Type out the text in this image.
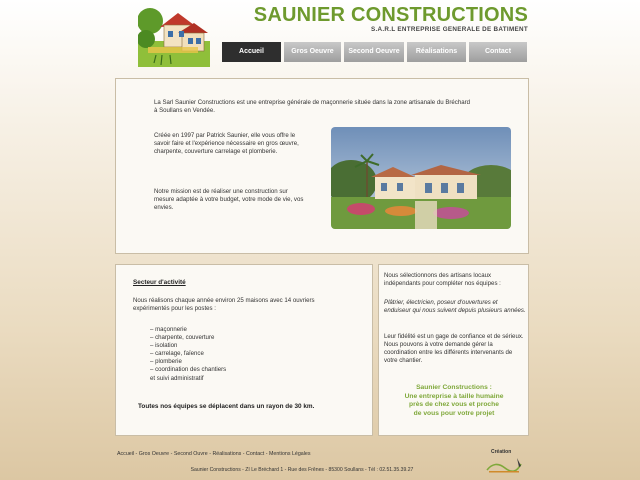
SAUNIER CONSTRUCTIONS
S.A.R.L ENTREPRISE GENERALE DE BATIMENT
Accueil	Gros Oeuvre	Second Oeuvre	Réalisations	Contact
La Sarl Saunier Constructions est une entreprise générale de maçonnerie située dans la zone artisanale du Bréchard à Soullans en Vendée.
Créée en 1997 par Patrick Saunier, elle vous offre le savoir faire et l'expérience nécessaire en gros œuvre, charpente, couverture carrelage et plomberie.
Notre mission est de réaliser une construction sur mesure adaptée à votre budget, votre mode de vie, vos envies.
Secteur d'activité
Nous réalisons chaque année environ 25 maisons avec 14 ouvriers expérimentés pour les postes :
– maçonnerie
– charpente, couverture
– isolation
– carrelage, faïence
– plomberie
– coordination des chantiers
et suivi administratif
Toutes nos équipes se déplacent dans un rayon de 30 km.
Nous sélectionnons des artisans locaux indépendants pour compléter nos équipes :
Plâtrier, électricien, poseur d'ouvertures et enduiseur qui nous suivent depuis plusieurs années.
Leur fidélité est un gage de confiance et de sérieux. Nous pouvons à votre demande gérer la coordination entre les différents intervenants de votre chantier.
Saunier Constructions :
Une entreprise à taille humaine
près de chez vous et proche
de vous pour votre projet
Accueil - Gros Oeuvre - Second Ouvre - Réalisations - Contact - Mentions Légales
Saunier Constructions - ZI Le Bréchard 1 - Rue des Frênes - 85300 Soullans - Tél : 02.51.35.39.27
Création
